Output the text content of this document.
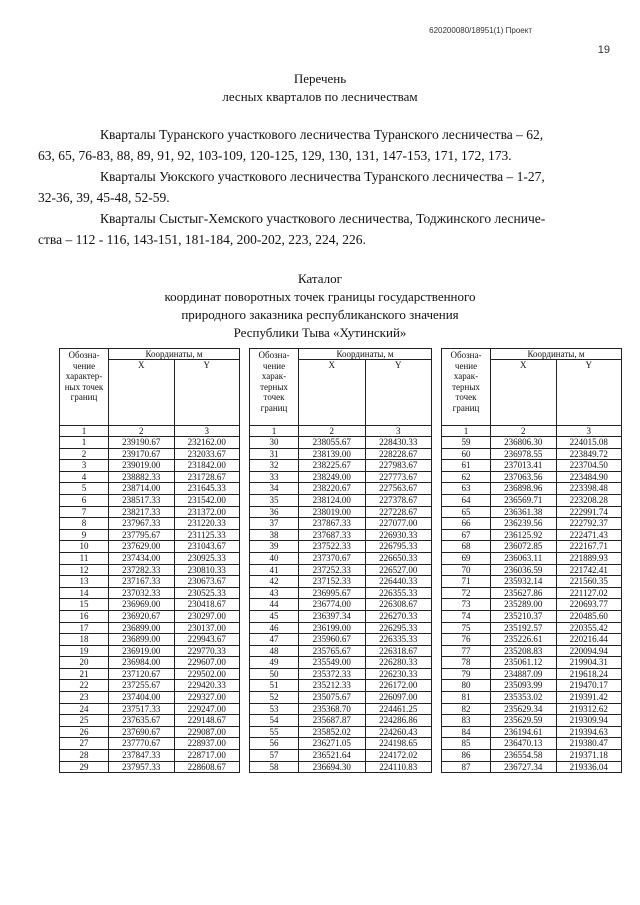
620200080/18951(1) Проект
19
Перечень
лесных кварталов по лесничествам
Кварталы Туранского участкового лесничества Туранского лесничества – 62,
63, 65, 76-83, 88, 89, 91, 92, 103-109, 120-125, 129, 130, 131, 147-153, 171, 172, 173.
Кварталы Уюкского участкового лесничества Туранского лесничества – 1-27,
32-36, 39, 45-48, 52-59.
Кварталы Сыстыг-Хемского участкового лесничества, Тоджинского лесниче-
ства – 112 - 116, 143-151, 181-184, 200-202, 223, 224, 226.
Каталог
координат поворотных точек границы государственного
природного заказника республиканского значения
Республики Тыва «Хутинский»
Обозна-чение характер-ных точек границ	Координаты, м	
	X	Y
1	2	3
1	239190.67	232162.00
2	239170.67	232033.67
3	239019.00	231842.00
4	238882.33	231728.67
5	238714.00	231645.33
6	238517.33	231542.00
7	238217.33	231372.00
8	237967.33	231220.33
9	237795.67	231125.33
10	237629.00	231043.67
11	237434.00	230925.33
12	237282.33	230810.33
13	237167.33	230673.67
14	237032.33	230525.33
15	236969.00	230418.67
16	236920.67	230297.00
17	236899.00	230137.00
18	236899.00	229943.67
19	236919.00	229770.33
20	236984.00	229607.00
21	237120.67	229502.00
22	237255.67	229420.33
23	237404.00	229327.00
24	237517.33	229247.00
25	237635.67	229148.67
26	237690.67	229087.00
27	237770.67	228937.00
28	237847.33	228717.00
29	237957.33	228608.67
Обозна-чение харак-терных точек границ	Координаты, м	
	X	Y
1	2	3
30	238055.67	228430.33
31	238139.00	228228.67
32	238225.67	227983.67
33	238249.00	227773.67
34	238220.67	227563.67
35	238124.00	227378.67
36	238019.00	227228.67
37	237867.33	227077.00
38	237687.33	226930.33
39	237522.33	226795.33
40	237370.67	226650.33
41	237252.33	226527.00
42	237152.33	226440.33
43	236995.67	226355.33
44	236774.00	226308.67
45	236397.34	226270.33
46	236199.00	226295.33
47	235960.67	226335.33
48	235765.67	226318.67
49	235549.00	226280.33
50	235372.33	226230.33
51	235212.33	226172.00
52	235075.67	226097.00
53	235368.70	224461.25
54	235687.87	224286.86
55	235852.02	224260.43
56	236271.05	224198.65
57	236521.64	224172.02
58	236694.30	224110.83
Обозна-чение харак-терных точек границ	Координаты, м	
	X	Y
1	2	3
59	236806.30	224015.08
60	236978.55	223849.72
61	237013.41	223704.50
62	237063.56	223484.90
63	236898.96	223398.48
64	236569.71	223208.28
65	236361.38	222991.74
66	236239.56	222792.37
67	236125.92	222471.43
68	236072.85	222167.71
69	236063.11	221889.93
70	236036.59	221742.41
71	235932.14	221560.35
72	235627.86	221127.02
73	235289.00	220693.77
74	235210.37	220485.60
75	235192.57	220355.42
76	235226.61	220216.44
77	235208.83	220094.94
78	235061.12	219904.31
79	234887.09	219618.24
80	235093.99	219470.17
81	235353.02	219391.42
82	235629.34	219312.62
83	235629.59	219309.94
84	236194.61	219394.63
85	236470.13	219380.47
86	236554.58	219371.18
87	236727.34	219336.04
